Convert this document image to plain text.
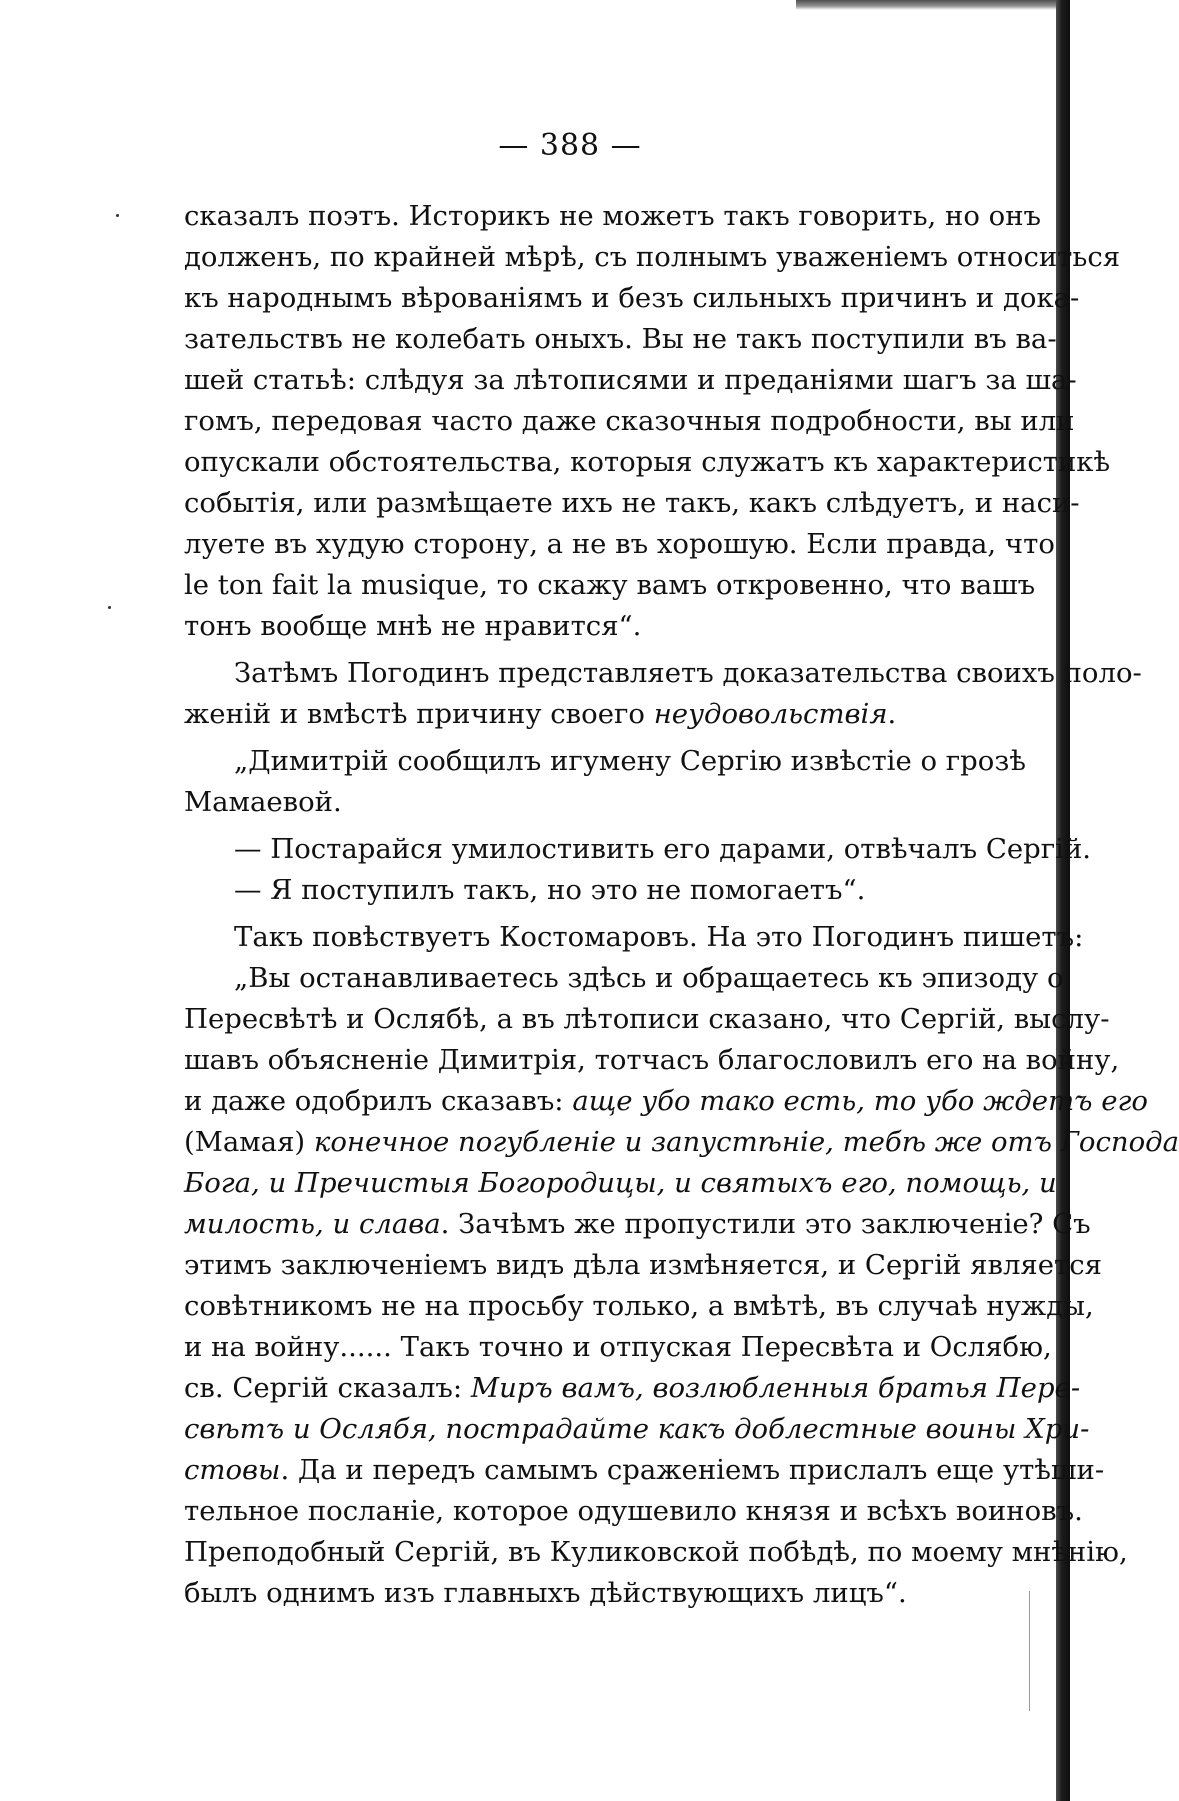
— 388 —
сказалъ поэтъ. Историкъ не можетъ такъ говорить, но онъ
долженъ, по крайней мѣрѣ, съ полнымъ уваженіемъ относиться
къ народнымъ вѣрованіямъ и безъ сильныхъ причинъ и дока-
зательствъ не колебать оныхъ. Вы не такъ поступили въ ва-
шей статьѣ: слѣдуя за лѣтописями и преданіями шагъ за ша-
гомъ, передовая часто даже сказочныя подробности, вы или
опускали обстоятельства, которыя служатъ къ характеристикѣ
событія, или размѣщаете ихъ не такъ, какъ слѣдуетъ, и наси-
луете въ худую сторону, а не въ хорошую. Если правда, что
le ton fait la musique, то скажу вамъ откровенно, что вашъ
тонъ вообще мнѣ не нравится“.
Затѣмъ Погодинъ представляетъ доказательства своихъ поло-
женій и вмѣстѣ причину своего неудовольствія.
„Димитрій сообщилъ игумену Сергію извѣстіе о грозѣ
Мамаевой.
— Постарайся умилостивить его дарами, отвѣчалъ Сергій.
— Я поступилъ такъ, но это не помогаетъ“.
Такъ повѣствуетъ Костомаровъ. На это Погодинъ пишетъ:
„Вы останавливаетесь здѣсь и обращаетесь къ эпизоду о
Пересвѣтѣ и Ослябѣ, а въ лѣтописи сказано, что Сергій, выслу-
шавъ объясненіе Димитрія, тотчасъ благословилъ его на войну,
и даже одобрилъ сказавъ: аще убо тако есть, то убо ждетъ его
(Мамая) конечное погубленіе и запустѣніе, тебѣ же отъ Господа
Бога, и Пречистыя Богородицы, и святыхъ его, помощь, и
милость, и слава. Зачѣмъ же пропустили это заключеніе? Съ
этимъ заключеніемъ видъ дѣла измѣняется, и Сергій является
совѣтникомъ не на просьбу только, а вмѣтѣ, въ случаѣ нужды,
и на войну...... Такъ точно и отпуская Пересвѣта и Ослябю,
св. Сергій сказалъ: Миръ вамъ, возлюбленныя братья Пере-
свѣтъ и Ослябя, пострадайте какъ доблестные воины Хри-
стовы. Да и передъ самымъ сраженіемъ прислалъ еще утѣши-
тельное посланіе, которое одушевило князя и всѣхъ воиновъ.
Преподобный Сергій, въ Куликовской побѣдѣ, по моему мнѣнію,
былъ однимъ изъ главныхъ дѣйствующихъ лицъ“.
